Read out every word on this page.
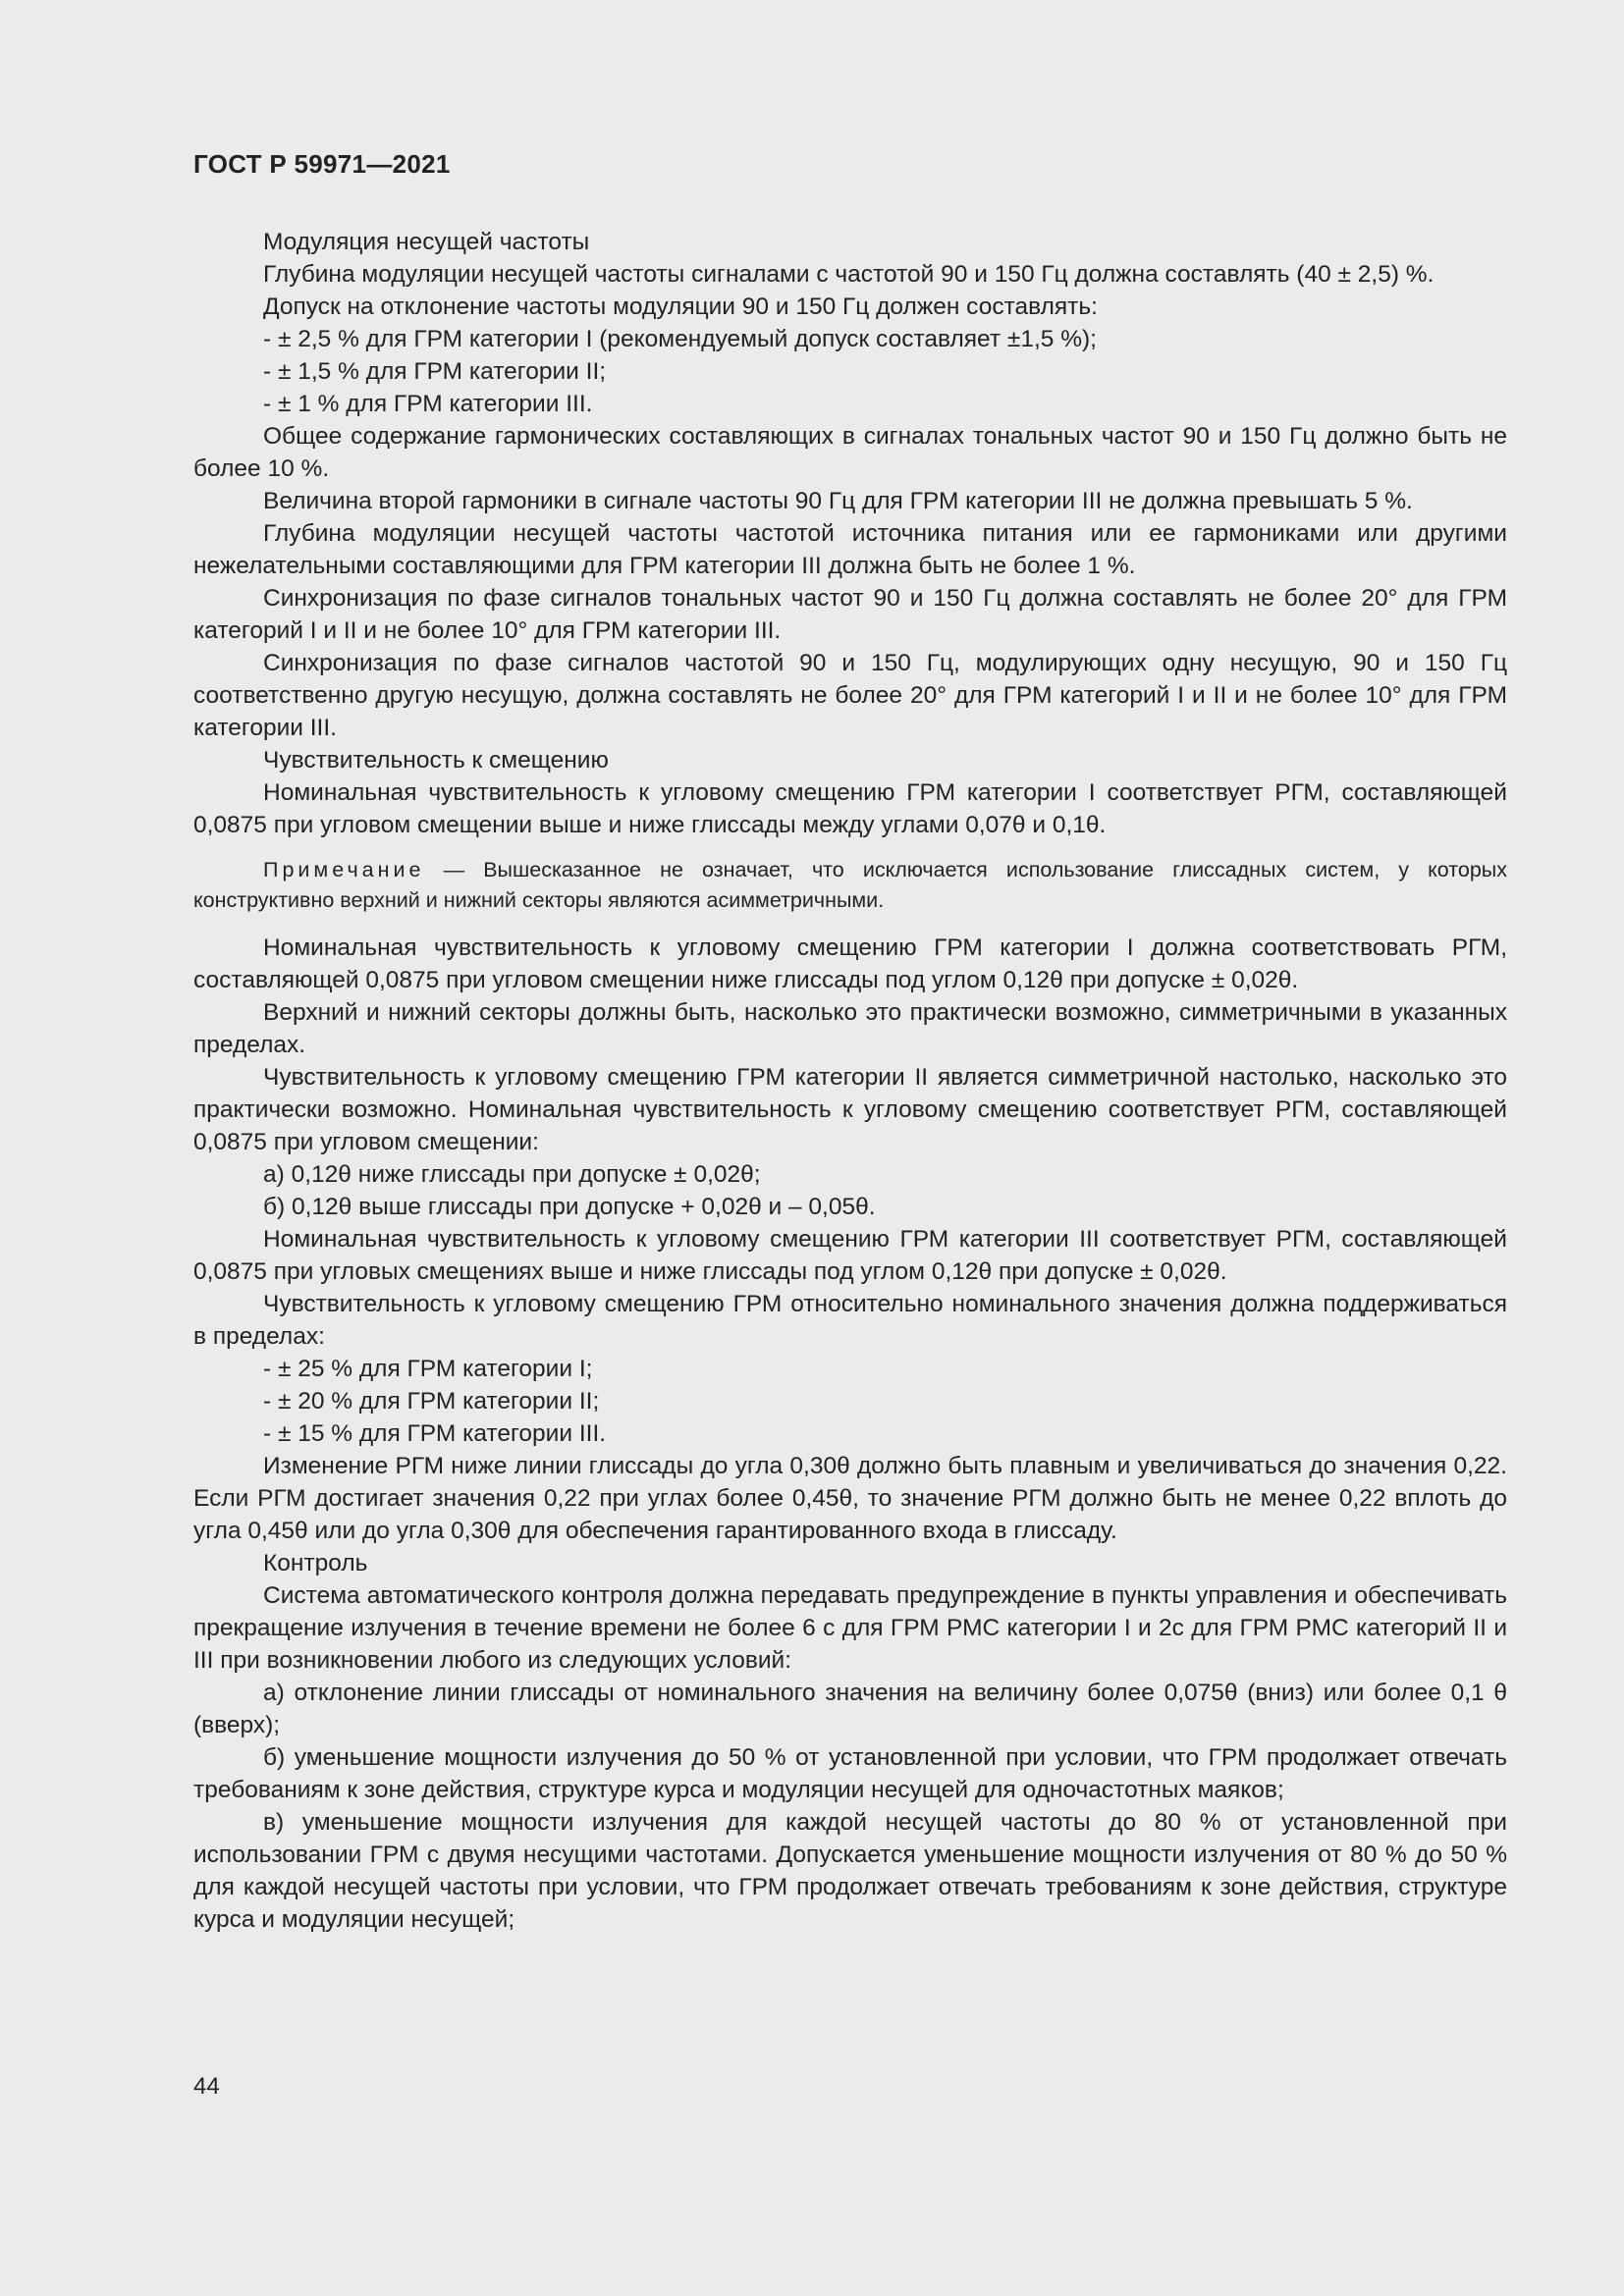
ГОСТ Р 59971—2021

Модуляция несущей частоты

Глубина модуляции несущей частоты сигналами с частотой 90 и 150 Гц должна составлять (40 ± 2,5) %.

Допуск на отклонение частоты модуляции 90 и 150 Гц должен составлять:

- ± 2,5 % для ГРМ категории I (рекомендуемый допуск составляет ±1,5 %);

- ± 1,5 % для ГРМ категории II;

- ± 1 % для ГРМ категории III.

Общее содержание гармонических составляющих в сигналах тональных частот 90 и 150 Гц должно быть не более 10 %.

Величина второй гармоники в сигнале частоты 90 Гц для ГРМ категории III не должна превышать 5 %.

Глубина модуляции несущей частоты частотой источника питания или ее гармониками или другими нежелательными составляющими для ГРМ категории III должна быть не более 1 %.

Синхронизация по фазе сигналов тональных частот 90 и 150 Гц должна составлять не более 20° для ГРМ категорий I и II и не более 10° для ГРМ категории III.

Синхронизация по фазе сигналов частотой 90 и 150 Гц, модулирующих одну несущую, 90 и 150 Гц соответственно другую несущую, должна составлять не более 20° для ГРМ категорий I и II и не более 10° для ГРМ категории III.

Чувствительность к смещению

Номинальная чувствительность к угловому смещению ГРМ категории I соответствует РГМ, составляющей 0,0875 при угловом смещении выше и ниже глиссады между углами 0,07θ и 0,1θ.

Примечание — Вышесказанное не означает, что исключается использование глиссадных систем, у которых конструктивно верхний и нижний секторы являются асимметричными.

Номинальная чувствительность к угловому смещению ГРМ категории I должна соответствовать РГМ, составляющей 0,0875 при угловом смещении ниже глиссады под углом 0,12θ при допуске ± 0,02θ.

Верхний и нижний секторы должны быть, насколько это практически возможно, симметричными в указанных пределах.

Чувствительность к угловому смещению ГРМ категории II является симметричной настолько, насколько это практически возможно. Номинальная чувствительность к угловому смещению соответствует РГМ, составляющей 0,0875 при угловом смещении:

а) 0,12θ ниже глиссады при допуске ± 0,02θ;

б) 0,12θ выше глиссады при допуске + 0,02θ и – 0,05θ.

Номинальная чувствительность к угловому смещению ГРМ категории III соответствует РГМ, составляющей 0,0875 при угловых смещениях выше и ниже глиссады под углом 0,12θ при допуске ± 0,02θ.

Чувствительность к угловому смещению ГРМ относительно номинального значения должна поддерживаться в пределах:

- ± 25 % для ГРМ категории I;

- ± 20 % для ГРМ категории II;

- ± 15 % для ГРМ категории III.

Изменение РГМ ниже линии глиссады до угла 0,30θ должно быть плавным и увеличиваться до значения 0,22. Если РГМ достигает значения 0,22 при углах более 0,45θ, то значение РГМ должно быть не менее 0,22 вплоть до угла 0,45θ или до угла 0,30θ для обеспечения гарантированного входа в глиссаду.

Контроль

Система автоматического контроля должна передавать предупреждение в пункты управления и обеспечивать прекращение излучения в течение времени не более 6 с для ГРМ РМС категории I и 2с для ГРМ РМС категорий II и III при возникновении любого из следующих условий:

а) отклонение линии глиссады от номинального значения на величину более 0,075θ (вниз) или более 0,1 θ (вверх);

б) уменьшение мощности излучения до 50 % от установленной при условии, что ГРМ продолжает отвечать требованиям к зоне действия, структуре курса и модуляции несущей для одночастотных маяков;

в) уменьшение мощности излучения для каждой несущей частоты до 80 % от установленной при использовании ГРМ с двумя несущими частотами. Допускается уменьшение мощности излучения от 80 % до 50 % для каждой несущей частоты при условии, что ГРМ продолжает отвечать требованиям к зоне действия, структуре курса и модуляции несущей;

44
